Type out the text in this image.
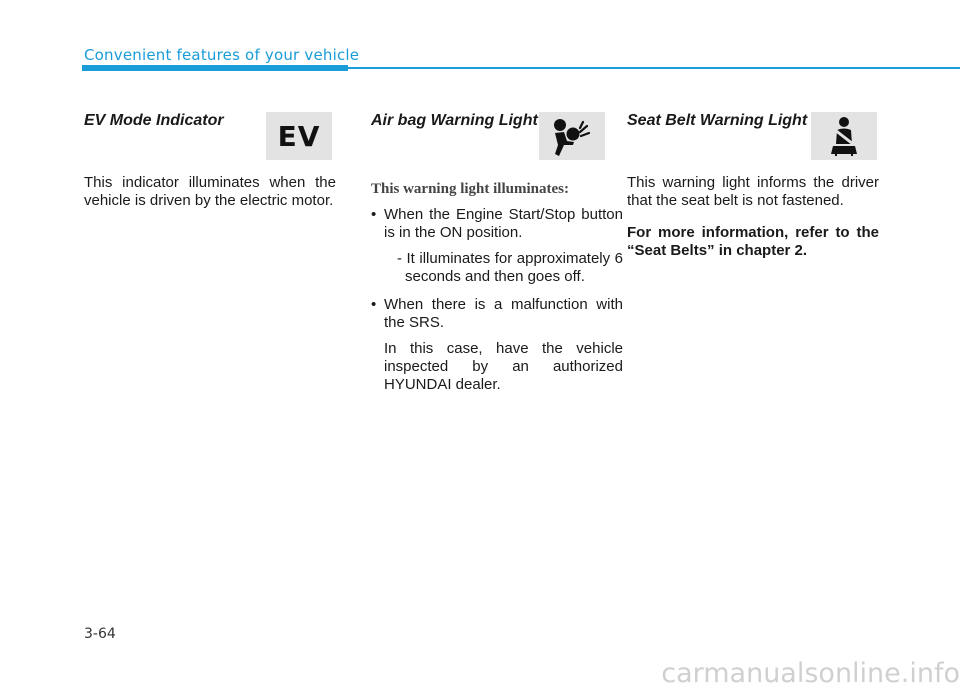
Convenient features of your vehicle
EV Mode Indicator	EV

This indicator illuminates when the vehicle is driven by the electric motor.

Air bag Warning Light
This warning light illuminates:
• When the Engine Start/Stop button is in the ON position.
- It illuminates for approximately 6 seconds and then goes off.
• When there is a malfunction with the SRS.
In this case, have the vehicle inspected by an authorized HYUNDAI dealer.
Seat Belt Warning Light

This warning light informs the driver that the seat belt is not fastened.

For more information, refer to the “Seat Belts” in chapter 2.

3-64
carmanualsonline.info
